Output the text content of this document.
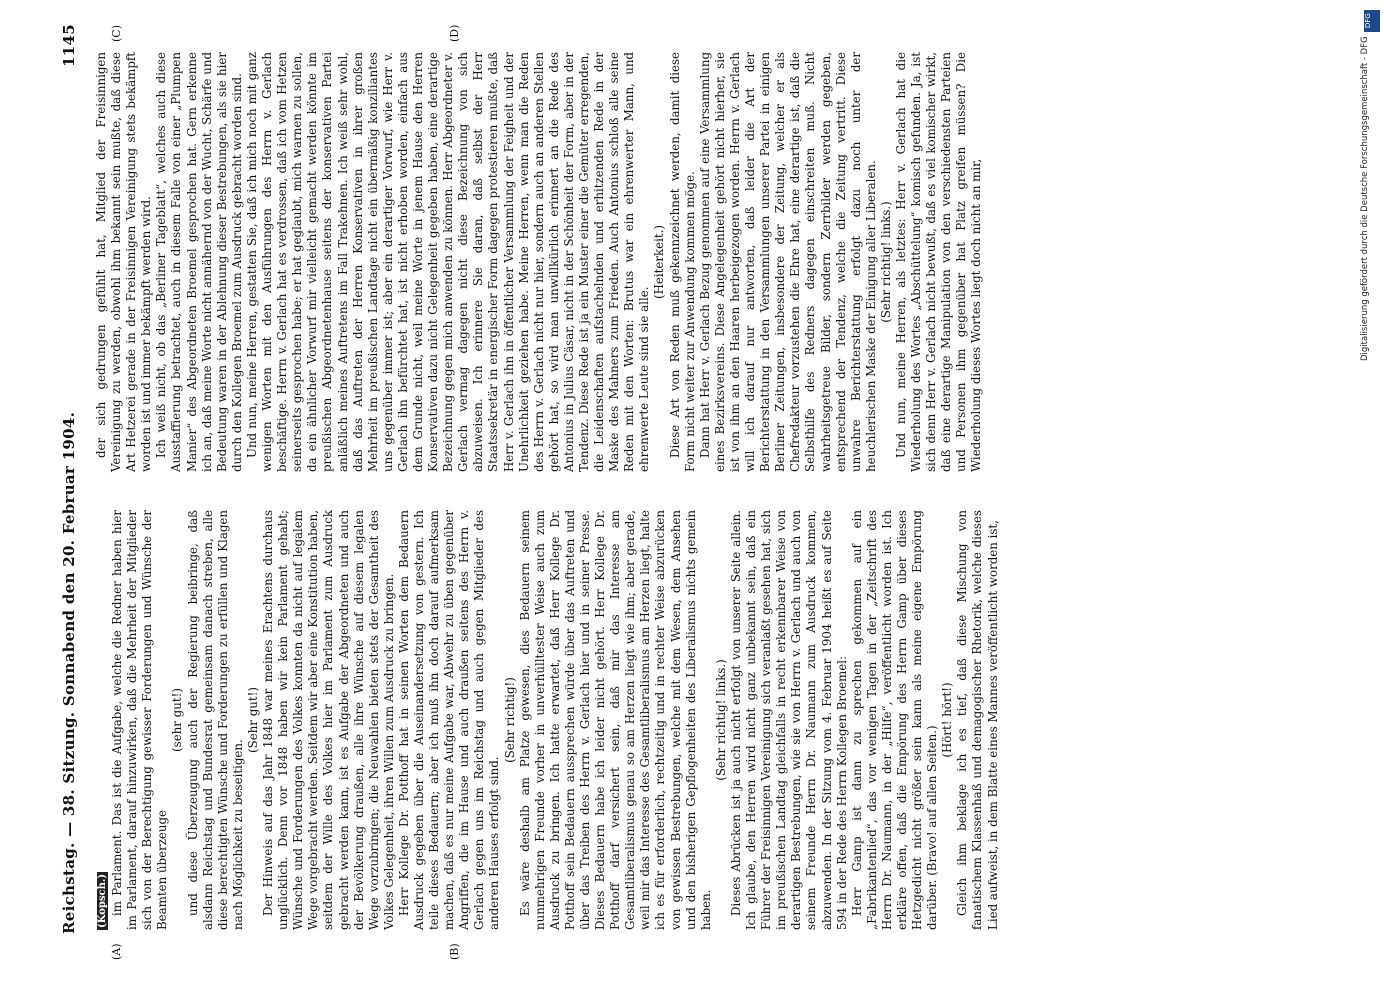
Reichstag. — 38. Sitzung. Sonnabend den 20. Februar 1904.
1145
(A)	(B)
(C)	(D)

(Kopsch.) im Parlament. Das ist die Aufgabe, welche die Redner haben hier im Parlament, darauf hinzuwirken, daß die Mehrheit der Mitglieder sich von der Berechtigung gewisser Forderungen und Wünsche der Beamten überzeuge

(sehr gut!) und diese Überzeugung auch der Regierung beibringe, daß alsdann Reichstag und Bundesrat gemeinsam danach streben, alle diese berechtigten Wünsche und Forderungen zu erfüllen und Klagen nach Möglichkeit zu beseitigen.

(Sehr gut!) Der Hinweis auf das Jahr 1848 war meines Erachtens durchaus unglücklich. Denn vor 1848 haben wir kein Parlament gehabt; Wünsche und Forderungen des Volkes konnten da nicht auf legalem Wege vorgebracht werden. Seitdem wir aber eine Konstitution haben, seitdem der Wille des Volkes hier im Parlament zum Ausdruck gebracht werden kann, ist es Aufgabe der Abgeordneten und auch der Bevölkerung draußen, alle ihre Wünsche auf diesem legalen Wege vorzubringen; die Neuwahlen bieten stets der Gesamtheit des Volkes Gelegenheit, ihren Willen zum Ausdruck zu bringen. Herr Kollege Dr. Potthoff hat in seinen Worten dem Bedauern Ausdruck gegeben über die Auseinandersetzung von gestern. Ich teile dieses Bedauern; aber ich muß ihn doch darauf aufmerksam machen, daß es nur meine Aufgabe war, Abwehr zu üben gegenüber Angriffen, die im Hause und auch draußen seitens des Herrn v. Gerlach gegen uns im Reichstag und auch gegen Mitglieder des anderen Hauses erfolgt sind.

(Sehr richtig!) Es wäre deshalb am Platze gewesen, dies Bedauern seinem nunmehrigen Freunde vorher in unverhülltester Weise auch zum Ausdruck zu bringen. Ich hatte erwartet, daß Herr Kollege Dr. Potthoff sein Bedauern aussprechen würde über das Auftreten und über das Treiben des Herrn v. Gerlach hier und in seiner Presse. Dieses Bedauern habe ich leider nicht gehört. Herr Kollege Dr. Potthoff darf versichert sein, daß mir das Interesse am Gesamtliberalismus genau so am Herzen liegt wie ihm; aber gerade, weil mir das Interesse des Gesamtliberalismus am Herzen liegt, halte ich es für erforderlich, rechtzeitig und in rechter Weise abzurücken von gewissen Bestrebungen, welche mit dem Wesen, dem Ansehen und den bisherigen Gepflogenheiten des Liberalismus nichts gemein haben.

(Sehr richtig! links.) Dieses Abrücken ist ja auch nicht erfolgt von unserer Seite allein. Ich glaube, den Herren wird nicht ganz unbekannt sein, daß ein Führer der Freisinnigen Vereinigung sich veranlaßt gesehen hat, sich im preußischen Landtag gleichfalls in recht erkennbarer Weise von derartigen Bestrebungen, wie sie von Herrn v. Gerlach und auch von seinem Freunde Herrn Dr. Naumann zum Ausdruck kommen, abzuwenden. In der Sitzung vom 4. Februar 1904 heißt es auf Seite 594 in der Rede des Herrn Kollegen Broemel: Herr Gamp ist dann zu sprechen gekommen auf ein „Fabrikantenlied“, das vor wenigen Tagen in der „Zeitschrift des Herrn Dr. Naumann, in der „Hilfe“, veröffentlicht worden ist. Ich erkläre offen, daß die Empörung des Herrn Gamp über dieses Hetzgedicht nicht größer sein kann als meine eigene Empörung darüber. (Bravo! auf allen Seiten.)

(Hört! hört!) Gleich ihm beklage ich es tief, daß diese Mischung von fanatischem Klassenhaß und demagogischer Rhetorik, welche dieses Lied aufweist, in dem Blatte eines Mannes veröffentlicht worden ist,

der sich gedrungen gefühlt hat, Mitglied der Freisinnigen Vereinigung zu werden, obwohl ihm bekannt sein mußte, daß diese Art Hetzerei gerade in der Freisinnigen Vereinigung stets bekämpft worden ist und immer bekämpft werden wird. Ich weiß nicht, ob das „Berliner Tageblatt“, welches auch diese Ausstaffierung betrachtet, auch in diesem Falle von einer „Plumpen Manier“ des Abgeordneten Broemel gesprochen hat. Gern erkenne ich an, daß meine Worte nicht annähernd von der Wucht, Schärfe und Bedeutung waren in der Ablehnung dieser Bestrebungen, als sie hier durch den Kollegen Broemel zum Ausdruck gebracht worden sind. Und nun, meine Herren, gestatten Sie, daß ich mich noch mit ganz wenigen Worten mit den Ausführungen des Herrn v. Gerlach beschäftige. Herrn v. Gerlach hat es verdrossen, daß ich vom Hetzen seinerseits gesprochen habe; er hat geglaubt, mich warnen zu sollen, da ein ähnlicher Vorwurf mir vielleicht gemacht werden könnte im preußischen Abgeordnetenhause seitens der konservativen Partei anläßlich meines Auftretens im Fall Trakehnen. Ich weiß sehr wohl, daß das Auftreten der Herren Konservativen in ihrer großen Mehrheit im preußischen Landtage nicht ein übermäßig konziliantes uns gegenüber immer ist; aber ein derartiger Vorwurf, wie Herr v. Gerlach ihn befürchtet hat, ist nicht erhoben worden, einfach aus dem Grunde nicht, weil meine Worte in jenem Hause den Herren Konservativen dazu nicht Gelegenheit gegeben haben, eine derartige Bezeichnung gegen mich anwenden zu können. Herr Abgeordneter v. Gerlach vermag dagegen nicht diese Bezeichnung von sich abzuweisen. Ich erinnere Sie daran, daß selbst der Herr Staatssekretär in energischer Form dagegen protestieren mußte, daß Herr v. Gerlach ihn in öffentlicher Versammlung der Feigheit und der Unehrlichkeit geziehen habe. Meine Herren, wenn man die Reden des Herrn v. Gerlach nicht nur hier, sondern auch an anderen Stellen gehört hat, so wird man unwillkürlich erinnert an die Rede des Antonius in Julius Cäsar, nicht in der Schönheit der Form, aber in der Tendenz. Diese Rede ist ja ein Muster einer die Gemüter erregenden, die Leidenschaften aufstachelnden und erhitzenden Rede in der Maske des Mahners zum Frieden. Auch Antonius schloß alle seine Reden mit den Worten: Brutus war ein ehrenwerter Mann, und ehrenwerte Leute sind sie alle.

(Heiterkeit.) Diese Art von Reden muß gekennzeichnet werden, damit diese Form nicht weiter zur Anwendung kommen möge. Dann hat Herr v. Gerlach Bezug genommen auf eine Versammlung eines Bezirksvereins. Diese Angelegenheit gehört nicht hierher, sie ist von ihm an den Haaren herbeigezogen worden. Herrn v. Gerlach will ich darauf nur antworten, daß leider die Art der Berichterstattung in den Versammlungen unserer Partei in einigen Berliner Zeitungen, insbesondere der Zeitung, welcher er als Chefredakteur vorzustehen die Ehre hat, eine derartige ist, daß die Selbsthilfe des Redners dagegen einschreiten muß. Nicht wahrheitsgetreue Bilder, sondern Zerrbilder werden gegeben, entsprechend der Tendenz, welche die Zeitung vertritt. Diese unwahre Berichterstattung erfolgt dazu noch unter der heuchlerischen Maske der Einigung aller Liberalen. (Sehr richtig! links.) Und nun, meine Herren, als letztes: Herr v. Gerlach hat die Wiederholung des Wortes „Abschüttelung“ komisch gefunden. Ja, ist sich denn Herr v. Gerlach nicht bewußt, daß es viel komischer wirkt, daß eine derartige Manipulation von den verschiedensten Parteien und Personen ihm gegenüber hat Platz greifen müssen? Die Wiederholung dieses Wortes liegt doch nicht an mir,

DFG
Digitalisierung gefördert durch die Deutsche Forschungsgemeinschaft - DFG
